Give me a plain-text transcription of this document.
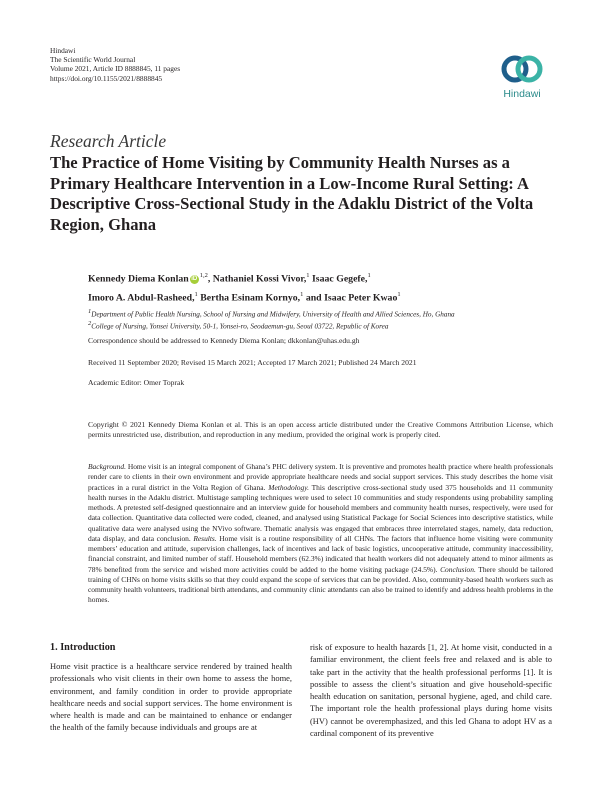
Hindawi
The Scientific World Journal
Volume 2021, Article ID 8888845, 11 pages
https://doi.org/10.1155/2021/8888845
Hindawi
Research Article
The Practice of Home Visiting by Community Health Nurses as a Primary Healthcare Intervention in a Low-Income Rural Setting: A Descriptive Cross-Sectional Study in the Adaklu District of the Volta Region, Ghana
Kennedy Diema Konlan iD$^{1,2}$, Nathaniel Kossi Vivor,$^1$ Isaac Gegefe,$^1$
Imoro A. Abdul-Rasheed,$^1$ Bertha Esinam Kornyo,$^1$ and Isaac Peter Kwao$^1$
$^1$Department of Public Health Nursing, School of Nursing and Midwifery, University of Health and Allied Sciences, Ho, Ghana
$^2$College of Nursing, Yonsei University, 50-1, Yonsei-ro, Seodaemun-gu, Seoul 03722, Republic of Korea
Correspondence should be addressed to Kennedy Diema Konlan; dkkonlan@uhas.edu.gh
Received 11 September 2020; Revised 15 March 2021; Accepted 17 March 2021; Published 24 March 2021
Academic Editor: Omer Toprak
Copyright © 2021 Kennedy Diema Konlan et al. This is an open access article distributed under the Creative Commons Attribution License, which permits unrestricted use, distribution, and reproduction in any medium, provided the original work is properly cited.
Background. Home visit is an integral component of Ghana’s PHC delivery system. It is preventive and promotes health practice where health professionals render care to clients in their own environment and provide appropriate healthcare needs and social support services. This study describes the home visit practices in a rural district in the Volta Region of Ghana. Methodology. This descriptive cross-sectional study used 375 households and 11 community health nurses in the Adaklu district. Multistage sampling techniques were used to select 10 communities and study respondents using probability sampling methods. A pretested self-designed questionnaire and an interview guide for household members and community health nurses, respectively, were used for data collection. Quantitative data collected were coded, cleaned, and analysed using Statistical Package for Social Sciences into descriptive statistics, while qualitative data were analysed using the NVivo software. Thematic analysis was engaged that embraces three interrelated stages, namely, data reduction, data display, and data conclusion. Results. Home visit is a routine responsibility of all CHNs. The factors that influence home visiting were community members’ education and attitude, supervision challenges, lack of incentives and lack of basic logistics, uncooperative attitude, community inaccessibility, financial constraint, and limited number of staff. Household members (62.3%) indicated that health workers did not adequately attend to minor ailments as 78% benefited from the service and wished more activities could be added to the home visiting package (24.5%). Conclusion. There should be tailored training of CHNs on home visits skills so that they could expand the scope of services that can be provided. Also, community-based health workers such as community health volunteers, traditional birth attendants, and community clinic attendants can also be trained to identify and address health problems in the homes.
1. Introduction
Home visit practice is a healthcare service rendered by trained health professionals who visit clients in their own home to assess the home, environment, and family condition in order to provide appropriate healthcare needs and social support services. The home environment is where health is made and can be maintained to enhance or endanger the health of the family because individuals and groups are at
risk of exposure to health hazards [1, 2]. At home visit, conducted in a familiar environment, the client feels free and relaxed and is able to take part in the activity that the health professional performs [1]. It is possible to assess the client’s situation and give household-specific health education on sanitation, personal hygiene, aged, and child care. The important role the health professional plays during home visits (HV) cannot be overemphasized, and this led Ghana to adopt HV as a cardinal component of its preventive
